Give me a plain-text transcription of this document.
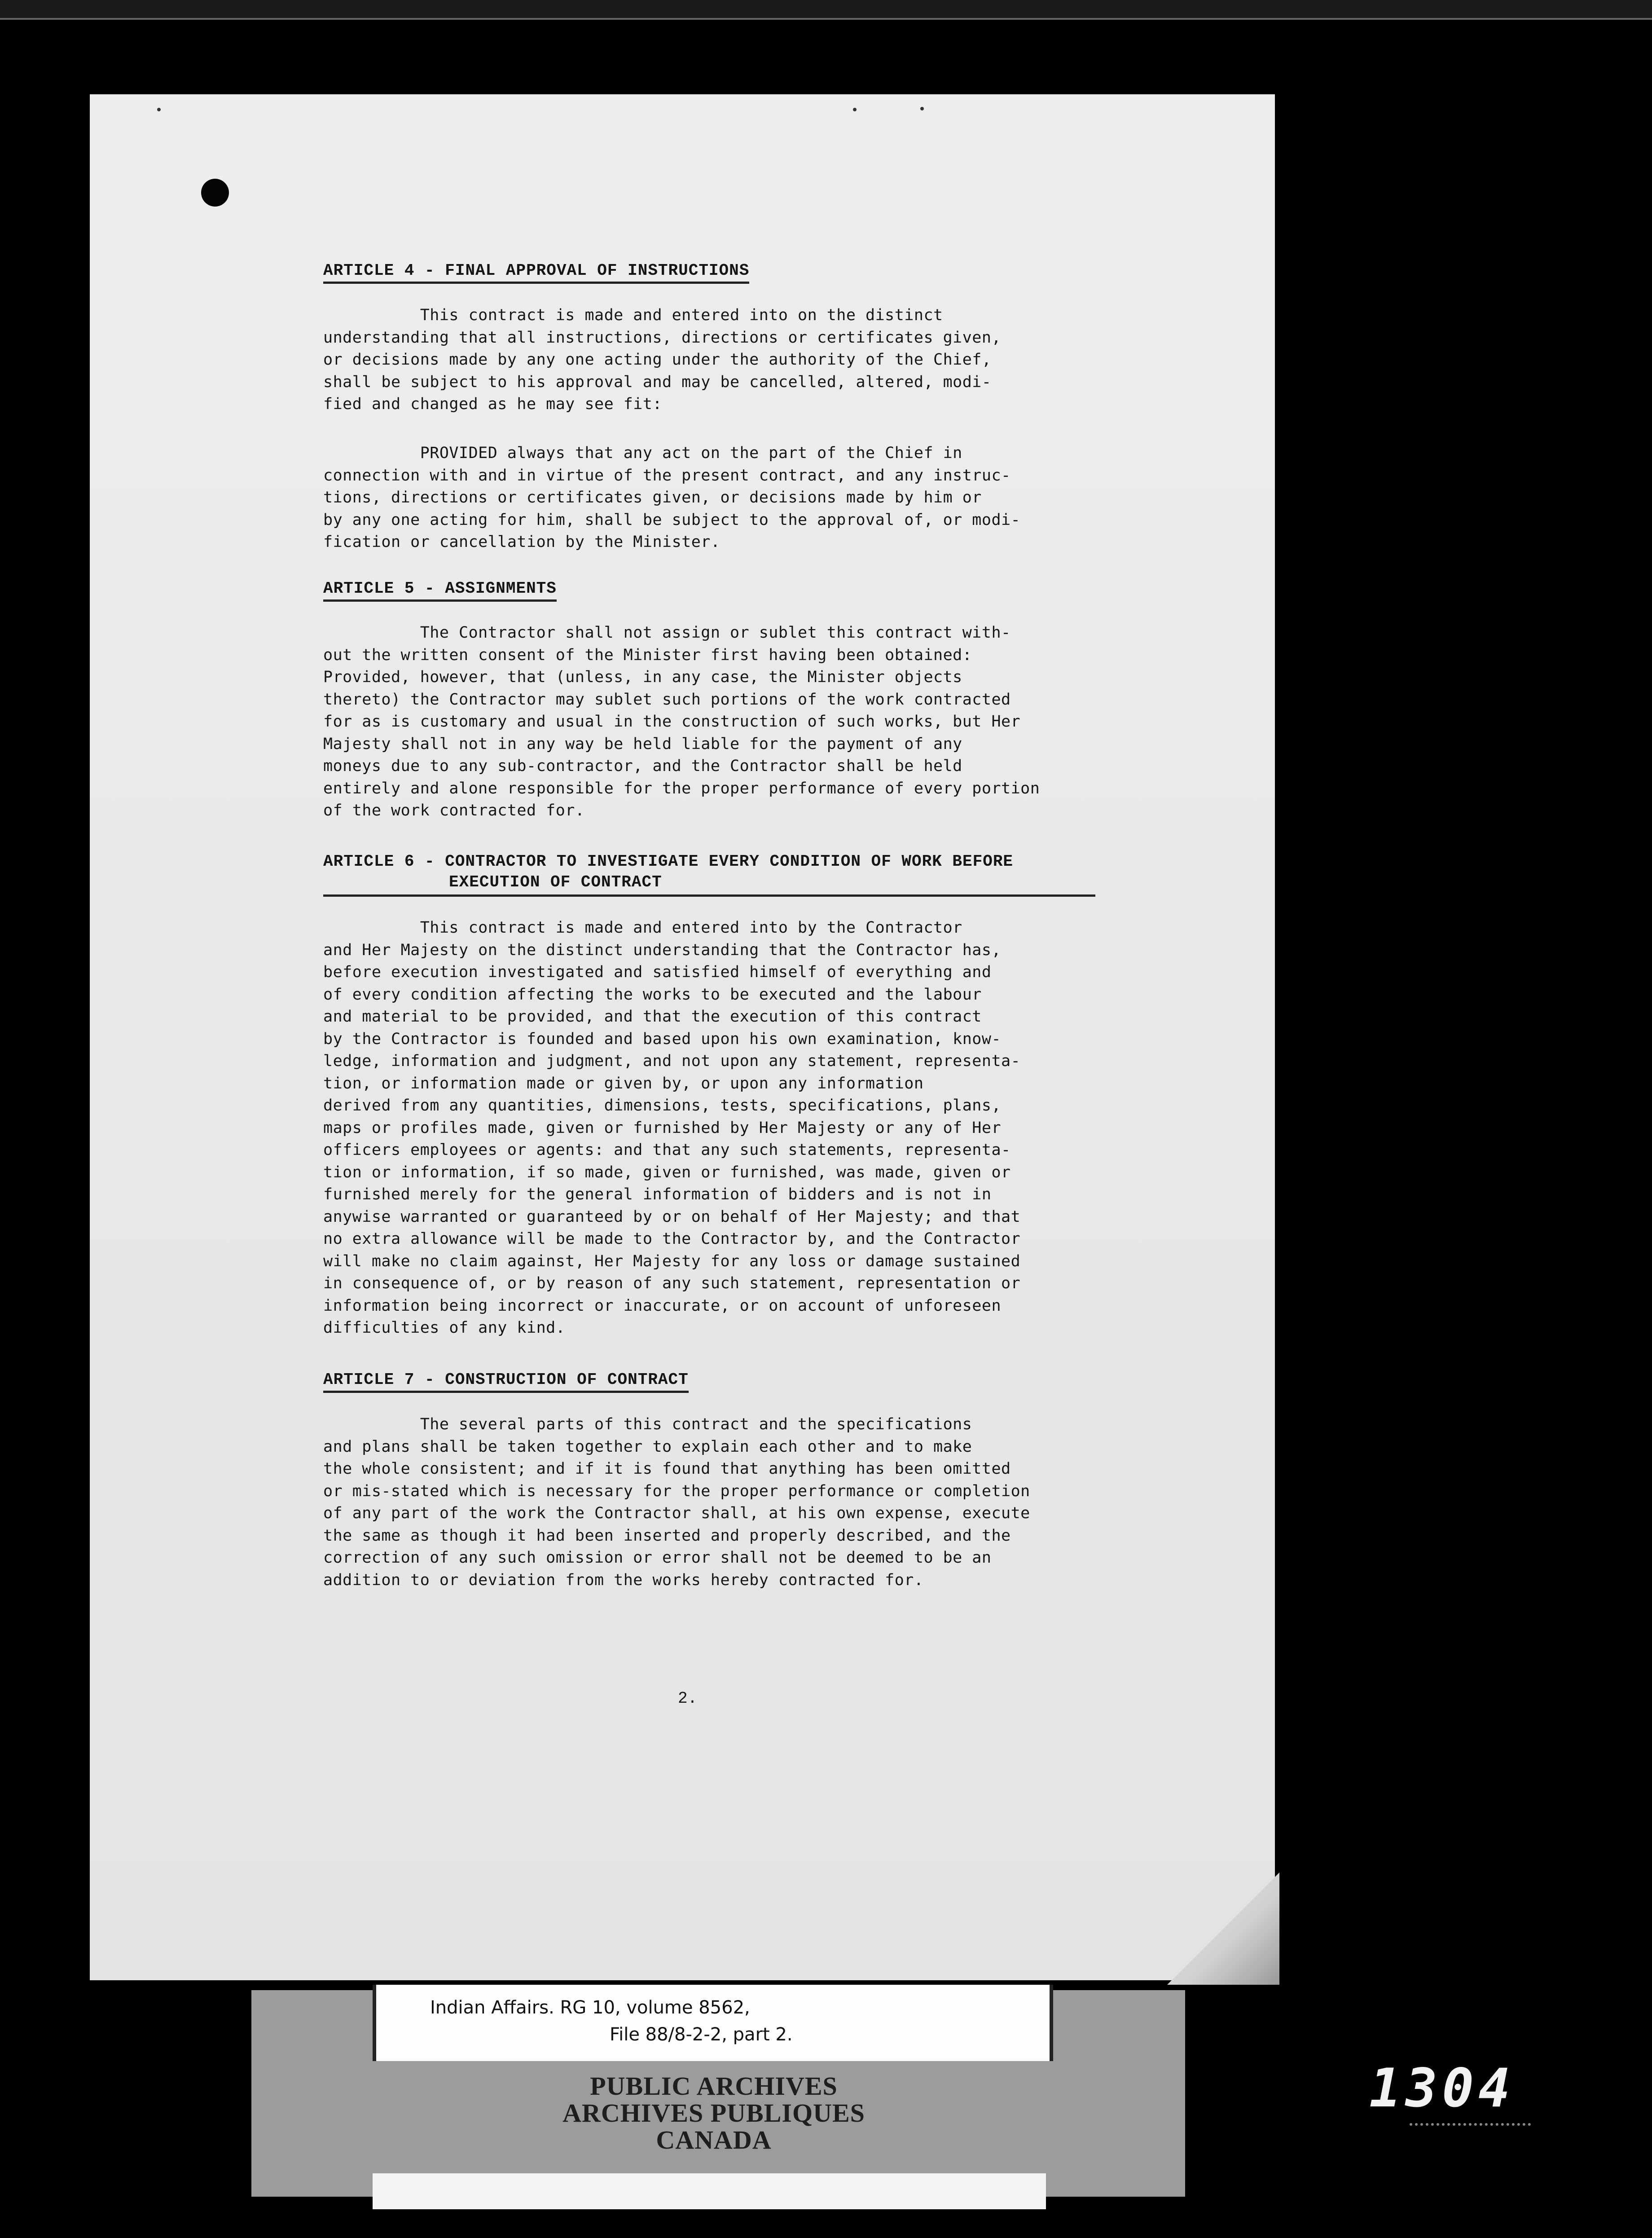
ARTICLE 4 - FINAL APPROVAL OF INSTRUCTIONS
This contract is made and entered into on the distinct
understanding that all instructions, directions or certificates given,
or decisions made by any one acting under the authority of the Chief,
shall be subject to his approval and may be cancelled, altered, modi-
fied and changed as he may see fit:
PROVIDED always that any act on the part of the Chief in
connection with and in virtue of the present contract, and any instruc-
tions, directions or certificates given, or decisions made by him or
by any one acting for him, shall be subject to the approval of, or modi-
fication or cancellation by the Minister.
ARTICLE 5 - ASSIGNMENTS
The Contractor shall not assign or sublet this contract with-
out the written consent of the Minister first having been obtained:
Provided, however, that (unless, in any case, the Minister objects
thereto) the Contractor may sublet such portions of the work contracted
for as is customary and usual in the construction of such works, but Her
Majesty shall not in any way be held liable for the payment of any
moneys due to any sub-contractor, and the Contractor shall be held
entirely and alone responsible for the proper performance of every portion
of the work contracted for.
ARTICLE 6 - CONTRACTOR TO INVESTIGATE EVERY CONDITION OF WORK BEFORE
EXECUTION OF CONTRACT
This contract is made and entered into by the Contractor
and Her Majesty on the distinct understanding that the Contractor has,
before execution investigated and satisfied himself of everything and
of every condition affecting the works to be executed and the labour
and material to be provided, and that the execution of this contract
by the Contractor is founded and based upon his own examination, know-
ledge, information and judgment, and not upon any statement, representa-
tion, or information made or given by, or upon any information
derived from any quantities, dimensions, tests, specifications, plans,
maps or profiles made, given or furnished by Her Majesty or any of Her
officers employees or agents: and that any such statements, representa-
tion or information, if so made, given or furnished, was made, given or
furnished merely for the general information of bidders and is not in
anywise warranted or guaranteed by or on behalf of Her Majesty; and that
no extra allowance will be made to the Contractor by, and the Contractor
will make no claim against, Her Majesty for any loss or damage sustained
in consequence of, or by reason of any such statement, representation or
information being incorrect or inaccurate, or on account of unforeseen
difficulties of any kind.
ARTICLE 7 - CONSTRUCTION OF CONTRACT
The several parts of this contract and the specifications
and plans shall be taken together to explain each other and to make
the whole consistent; and if it is found that anything has been omitted
or mis-stated which is necessary for the proper performance or completion
of any part of the work the Contractor shall, at his own expense, execute
the same as though it had been inserted and properly described, and the
correction of any such omission or error shall not be deemed to be an
addition to or deviation from the works hereby contracted for.
2.
Indian Affairs. RG 10, volume 8562,
File 88/8-2-2, part 2.
PUBLIC ARCHIVES
ARCHIVES PUBLIQUES
CANADA
1304
